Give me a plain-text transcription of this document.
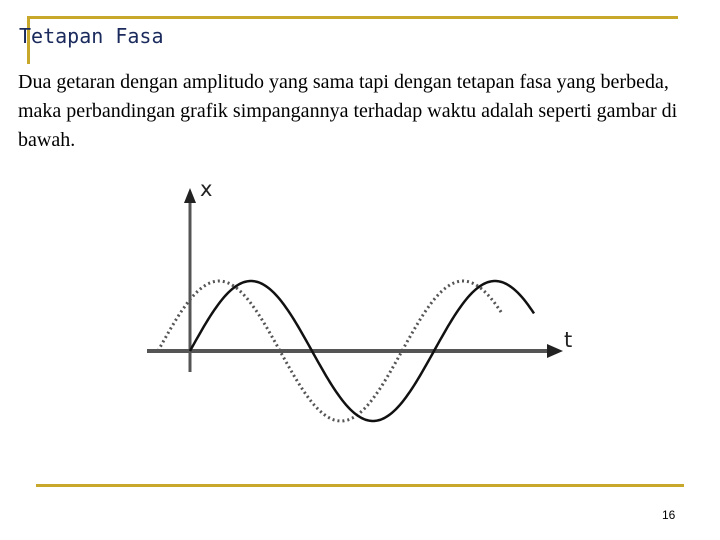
Tetapan Fasa

Dua getaran dengan amplitudo yang sama tapi dengan tetapan fasa yang berbeda, maka perbandingan grafik simpangannya terhadap waktu adalah seperti gambar di bawah.

x
t
16
